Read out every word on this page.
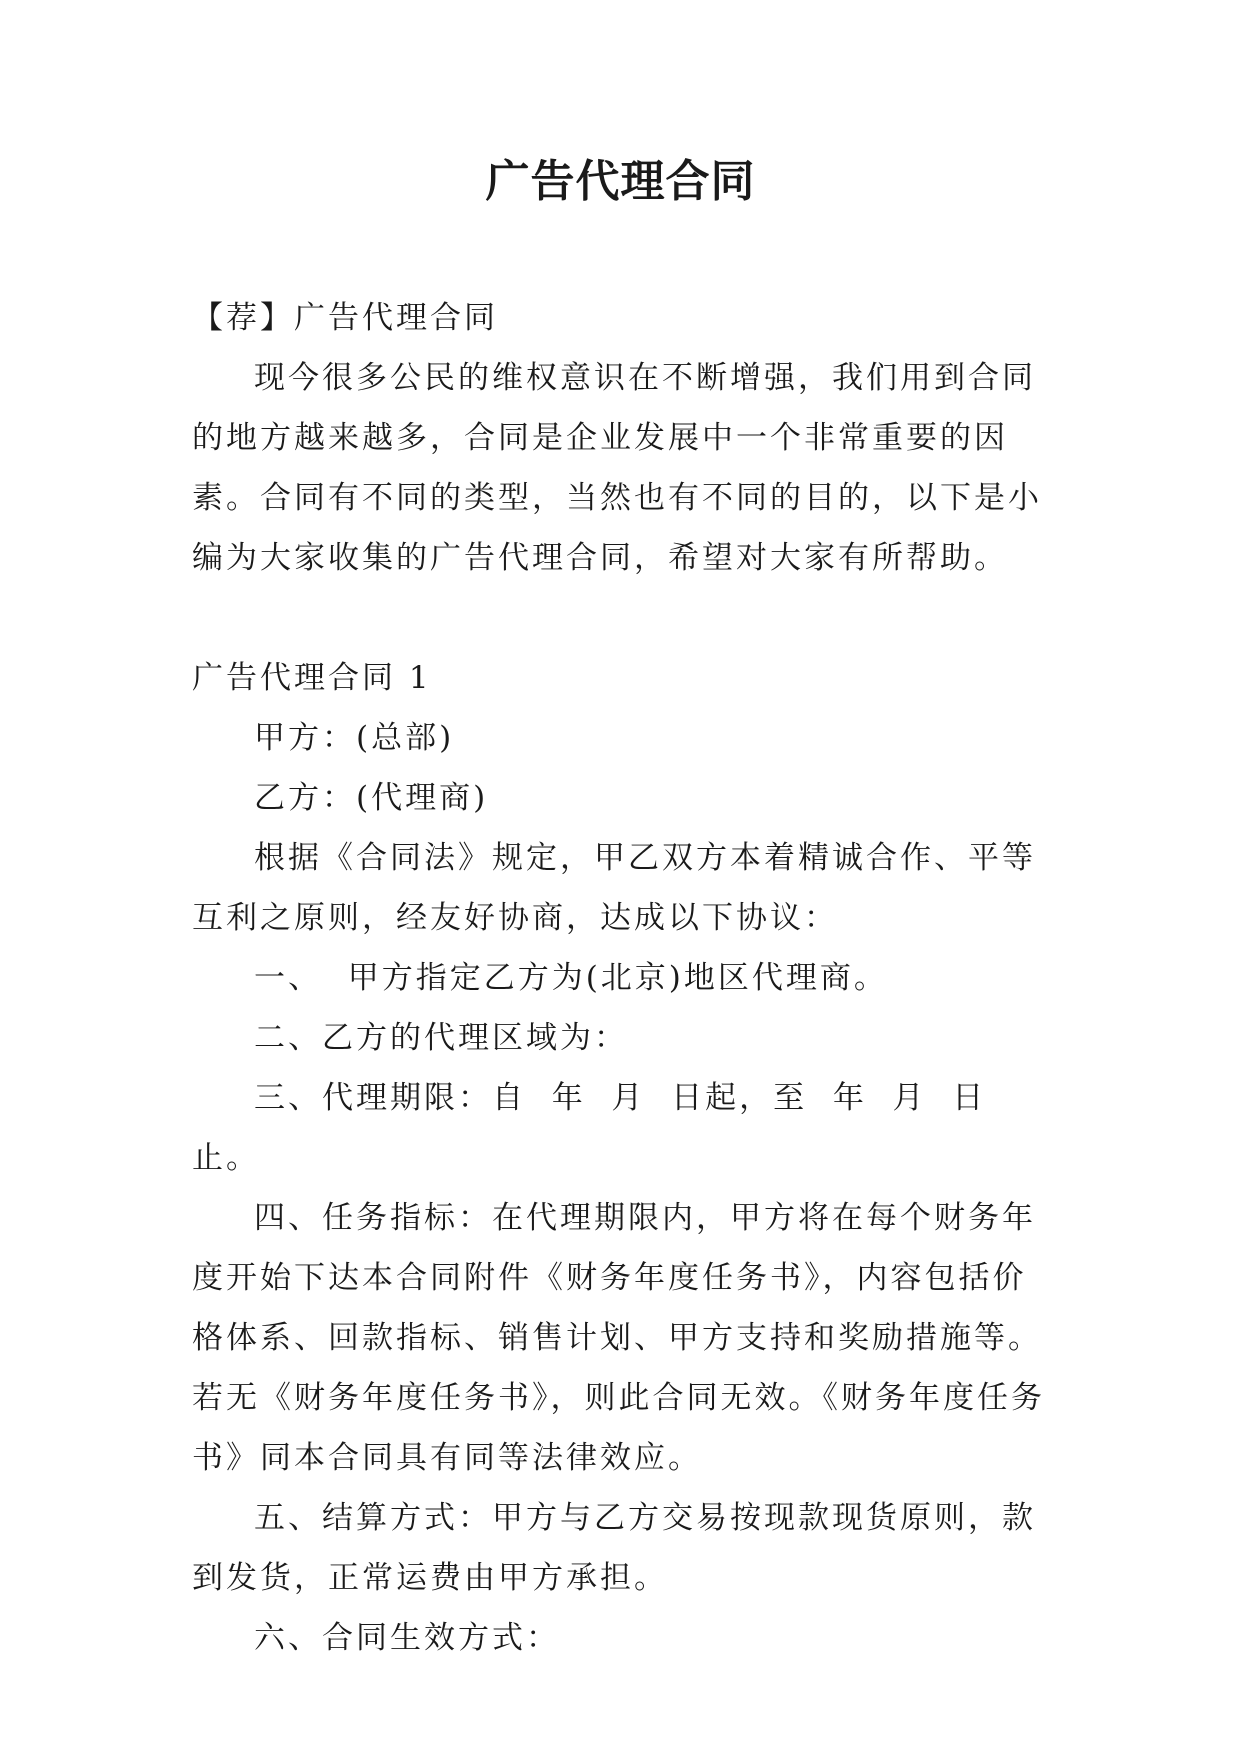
广告代理合同

【荐】广告代理合同

现今很多公民的维权意识在不断增强，我们用到合同的地方越来越多，合同是企业发展中一个非常重要的因素。合同有不同的类型，当然也有不同的目的，以下是小编为大家收集的广告代理合同，希望对大家有所帮助。

广告代理合同 1

甲方：(总部)

乙方：(代理商)

根据《合同法》规定，甲乙双方本着精诚合作、平等互利之原则，经友好协商，达成以下协议：

一、  甲方指定乙方为(北京)地区代理商。

二、乙方的代理区域为：

三、代理期限：自  年  月  日起，至  年  月  日止。

四、任务指标：在代理期限内，甲方将在每个财务年度开始下达本合同附件《财务年度任务书》，内容包括价格体系、回款指标、销售计划、甲方支持和奖励措施等。若无《财务年度任务书》，则此合同无效。《财务年度任务书》同本合同具有同等法律效应。

五、结算方式：甲方与乙方交易按现款现货原则，款到发货，正常运费由甲方承担。

六、合同生效方式：
